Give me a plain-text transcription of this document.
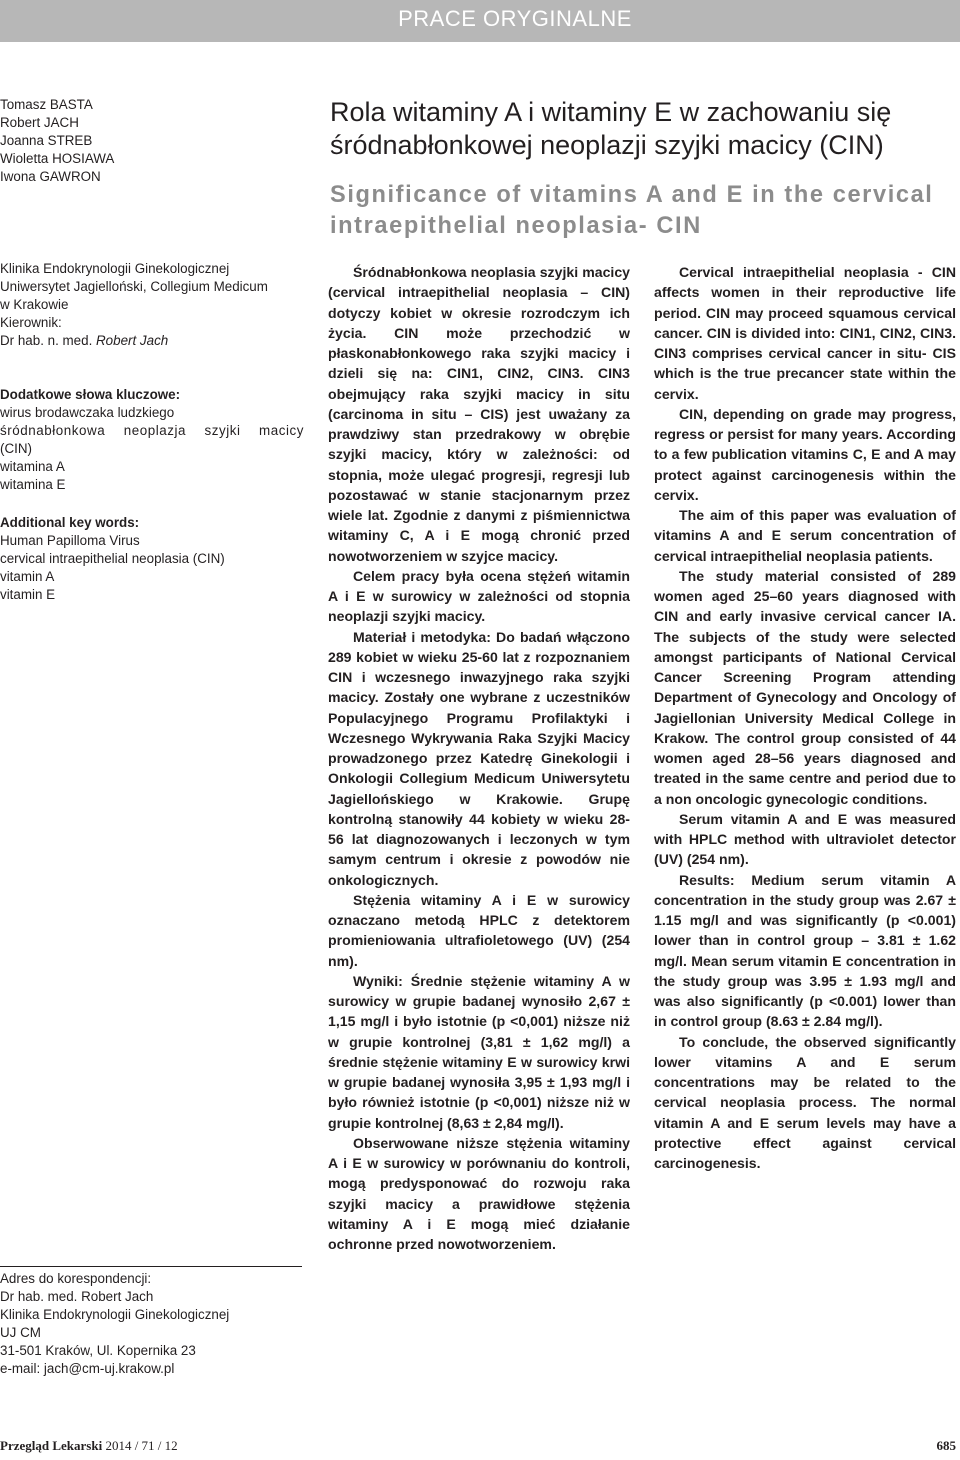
PRACE ORYGINALNE
Tomasz BASTA
Robert JACH
Joanna STREB
Wioletta HOSIAWA
Iwona GAWRON
Klinika Endokrynologii Ginekologicznej
Uniwersytet Jagielloński, Collegium Medicum
w Krakowie
Kierownik:
Dr hab. n. med. Robert Jach
Dodatkowe słowa kluczowe:
wirus brodawczaka ludzkiego
śródnabłonkowa neoplazja szyjki macicy
(CIN)
witamina A
witamina E
Additional key words:
Human Papilloma Virus
cervical intraepithelial neoplasia (CIN)
vitamin A
vitamin E
Adres do korespondencji:
Dr hab. med. Robert Jach
Klinika Endokrynologii Ginekologicznej
UJ CM
31-501 Kraków, Ul. Kopernika 23
e-mail: jach@cm-uj.krakow.pl
Rola witaminy A i witaminy E w zachowaniu się śródnabłonkowej neoplazji szyjki macicy (CIN)
Significance of vitamins A and E in the cervical intraepithelial neoplasia- CIN

Śródnabłonkowa neoplasia szyjki macicy (cervical intraepithelial neoplasia – CIN) dotyczy kobiet w okresie rozrodczym ich życia. CIN może przechodzić w płaskonabłonkowego raka szyjki macicy i dzieli się na: CIN1, CIN2, CIN3. CIN3 obejmujący raka szyjki macicy in situ (carcinoma in situ – CIS) jest uważany za prawdziwy stan przedrakowy w obrębie szyjki macicy, który w zależności: od stopnia, może ulegać progresji, regresji lub pozostawać w stanie stacjonarnym przez wiele lat. Zgodnie z danymi z piśmiennictwa witaminy C, A i E mogą chronić przed nowotworzeniem w szyjce macicy.

Celem pracy była ocena stężeń witamin A i E w surowicy w zależności od stopnia neoplazji szyjki macicy.

Materiał i metodyka: Do badań włączono 289 kobiet w wieku 25-60 lat z rozpoznaniem CIN i wczesnego inwazyjnego raka szyjki macicy. Zostały one wybrane z uczestników Populacyjnego Programu Profilaktyki i Wczesnego Wykrywania Raka Szyjki Macicy prowadzonego przez Katedrę Ginekologii i Onkologii Collegium Medicum Uniwersytetu Jagiellońskiego w Krakowie. Grupę kontrolną stanowiły 44 kobiety w wieku 28-56 lat diagnozowanych i leczonych w tym samym centrum i okresie z powodów nie onkologicznych.

Stężenia witaminy A i E w surowicy oznaczano metodą HPLC z detektorem promieniowania ultrafioletowego (UV) (254 nm).

Wyniki: Średnie stężenie witaminy A w surowicy w grupie badanej wynosiło 2,67 ± 1,15 mg/l i było istotnie (p <0,001) niższe niż w grupie kontrolnej (3,81 ± 1,62 mg/l) a średnie stężenie witaminy E w surowicy krwi w grupie badanej wynosiła 3,95 ± 1,93 mg/l i było również istotnie (p <0,001) niższe niż w grupie kontrolnej (8,63 ± 2,84 mg/l).

Obserwowane niższe stężenia witaminy A i E w surowicy w porównaniu do kontroli, mogą predysponować do rozwoju raka szyjki macicy a prawidłowe stężenia witaminy A i E mogą mieć działanie ochronne przed nowotworzeniem.

Cervical intraepithelial neoplasia - CIN affects women in their reproductive life period. CIN may proceed squamous cervical cancer. CIN is divided into: CIN1, CIN2, CIN3. CIN3 comprises cervical cancer in situ- CIS which is the true precancer state within the cervix.

CIN, depending on grade may progress, regress or persist for many years. According to a few publication vitamins C, E and A may protect against carcinogenesis within the cervix.

The aim of this paper was evaluation of vitamins A and E serum concentration of cervical intraepithelial neoplasia patients.

The study material consisted of 289 women aged 25–60 years diagnosed with CIN and early invasive cervical cancer IA. The subjects of the study were selected amongst participants of National Cervical Cancer Screening Program attending Department of Gynecology and Oncology of Jagiellonian University Medical College in Krakow. The control group consisted of 44 women aged 28–56 years diagnosed and treated in the same centre and period due to a non oncologic gynecologic conditions.

Serum vitamin A and E was measured with HPLC method with ultraviolet detector (UV) (254 nm).

Results: Medium serum vitamin A concentration in the study group was 2.67 ± 1.15 mg/l and was significantly (p <0.001) lower than in control group – 3.81 ± 1.62 mg/l. Mean serum vitamin E concentration in the study group was 3.95 ± 1.93 mg/l and was also significantly (p <0.001) lower than in control group (8.63 ± 2.84 mg/l).

To conclude, the observed significantly lower vitamins A and E serum concentrations may be related to the cervical neoplasia process. The normal vitamin A and E serum levels may have a protective effect against cervical carcinogenesis.

Przegląd Lekarski 2014 / 71 / 12	685
